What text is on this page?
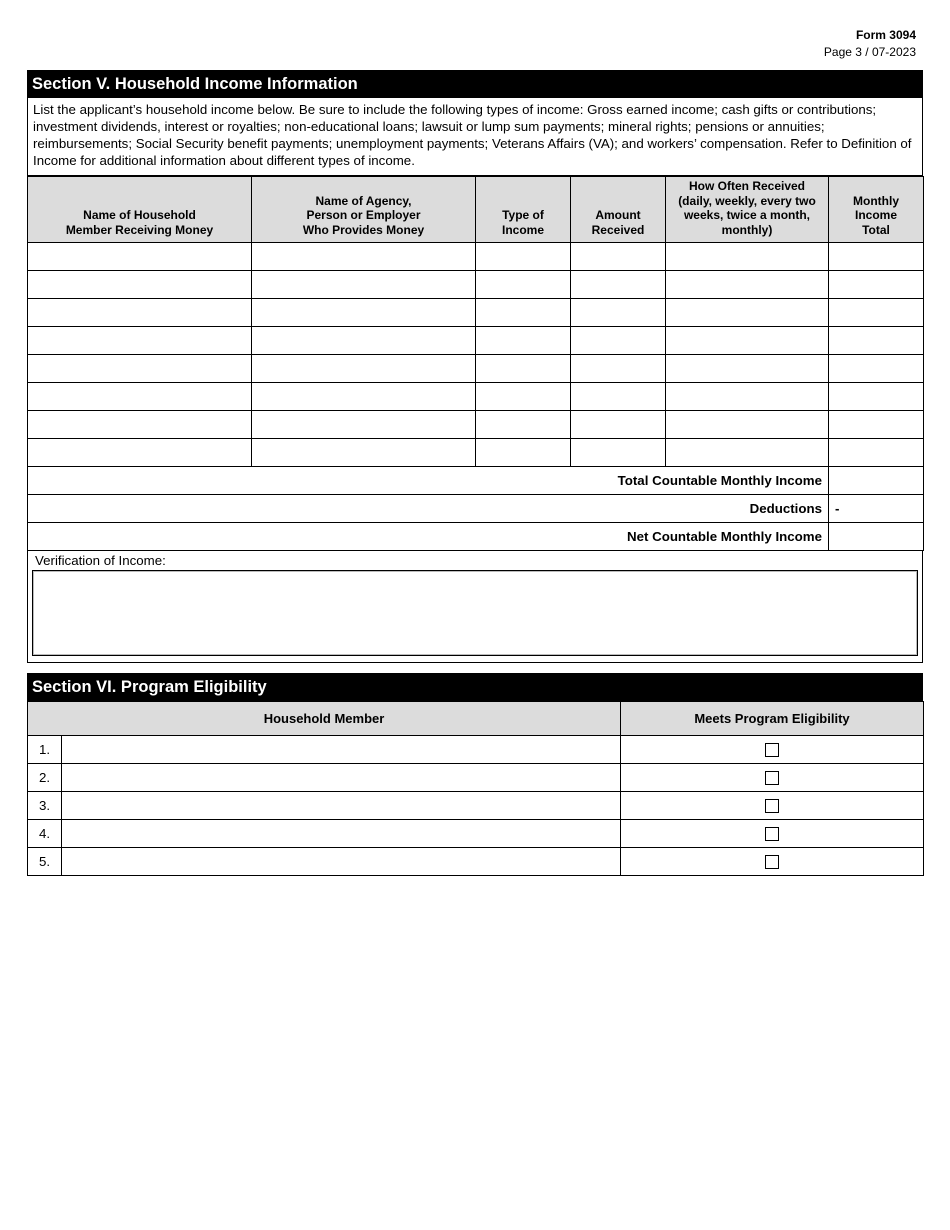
Form 3094
Page 3 / 07-2023
Section V. Household Income Information
List the applicant’s household income below. Be sure to include the following types of income: Gross earned income; cash gifts or contributions; investment dividends, interest or royalties; non-educational loans; lawsuit or lump sum payments; mineral rights; pensions or annuities; reimbursements; Social Security benefit payments; unemployment payments; Veterans Affairs (VA); and workers’ compensation. Refer to Definition of Income for additional information about different types of income.
Name of Household
Member Receiving Money	Name of Agency,
Person or Employer
Who Provides Money	Type of
Income	Amount
Received	How Often Received
(daily, weekly, every two
weeks, twice a month,
monthly)	Monthly
Income
Total

Total Countable Monthly Income					
Deductions					-
Net Countable Monthly Income					
Verification of Income:
Section VI. Program Eligibility
Household Member		Meets Program Eligibility
1.		
2.		
3.		
4.		
5.		
